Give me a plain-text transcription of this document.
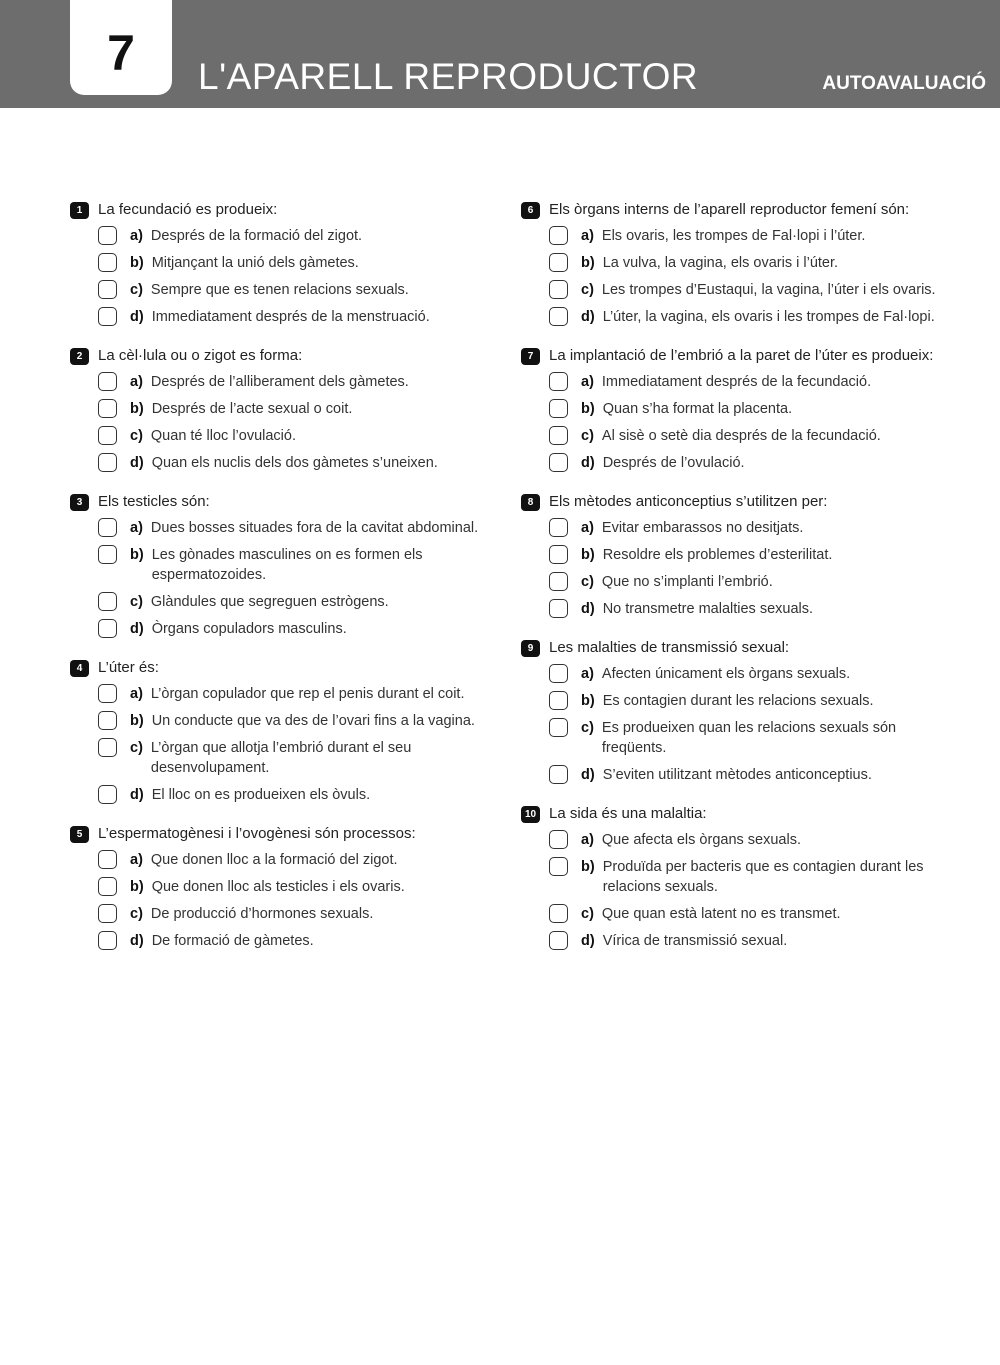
7 L'APARELL REPRODUCTOR	AUTOAVALUACIÓ
1	La fecundació es produeix:
a) Després de la formació del zigot.
b) Mitjançant la unió dels gàmetes.
c) Sempre que es tenen relacions sexuals.
d) Immediatament després de la menstruació.
2	La cèl·lula ou o zigot es forma:
a) Després de l’alliberament dels gàmetes.
b) Després de l’acte sexual o coit.
c) Quan té lloc l’ovulació.
d) Quan els nuclis dels dos gàmetes s’uneixen.
3	Els testicles són:
a) Dues bosses situades fora de la cavitat abdominal.
b) Les gònades masculines on es formen els espermatozoides.
c) Glàndules que segreguen estrògens.
d) Òrgans copuladors masculins.
4	L’úter és:
a) L’òrgan copulador que rep el penis durant el coit.
b) Un conducte que va des de l’ovari fins a la vagina.
c) L’òrgan que allotja l’embrió durant el seu desenvolupament.
d) El lloc on es produeixen els òvuls.
5	L’espermatogènesi i l’ovogènesi són processos:
a) Que donen lloc a la formació del zigot.
b) Que donen lloc als testicles i els ovaris.
c) De producció d’hormones sexuals.
d) De formació de gàmetes.
6	Els òrgans interns de l’aparell reproductor femení són:
a) Els ovaris, les trompes de Fal·lopi i l’úter.
b) La vulva, la vagina, els ovaris i l’úter.
c) Les trompes d’Eustaqui, la vagina, l’úter i els ovaris.
d) L’úter, la vagina, els ovaris i les trompes de Fal·lopi.
7	La implantació de l’embrió a la paret de l’úter es produeix:
a) Immediatament després de la fecundació.
b) Quan s’ha format la placenta.
c) Al sisè o setè dia després de la fecundació.
d) Després de l’ovulació.
8	Els mètodes anticonceptius s’utilitzen per:
a) Evitar embarassos no desitjats.
b) Resoldre els problemes d’esterilitat.
c) Que no s’implanti l’embrió.
d) No transmetre malalties sexuals.
9	Les malalties de transmissió sexual:
a) Afecten únicament els òrgans sexuals.
b) Es contagien durant les relacions sexuals.
c) Es produeixen quan les relacions sexuals són freqüents.
d) S’eviten utilitzant mètodes anticonceptius.
10 La sida és una malaltia:
a) Que afecta els òrgans sexuals.
b) Produïda per bacteris que es contagien durant les relacions sexuals.
c) Que quan està latent no es transmet.
d) Vírica de transmissió sexual.
